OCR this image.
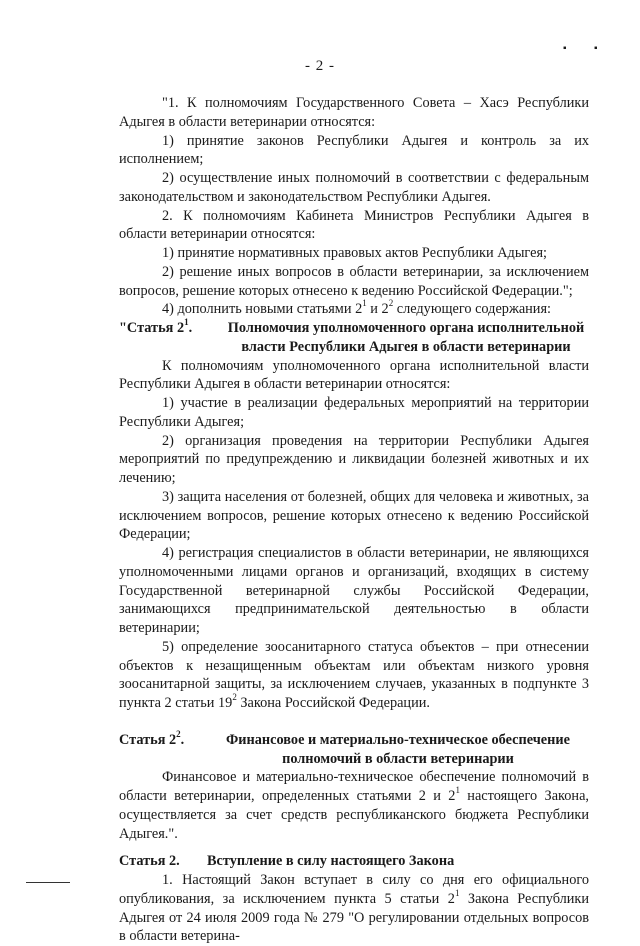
▪	▪
- 2 -

"1. К полномочиям Государственного Совета – Хасэ Республики Адыгея в области ветеринарии относятся:

1) принятие законов Республики Адыгея и контроль за их исполнением;

2) осуществление иных полномочий в соответствии с федеральным законодательством и законодательством Республики Адыгея.

2. К полномочиям Кабинета Министров Республики Адыгея в области ветеринарии относятся:

1) принятие нормативных правовых актов Республики Адыгея;

2) решение иных вопросов в области ветеринарии, за исключением вопросов, решение которых отнесено к ведению Российской Федерации.";

4) дополнить новыми статьями $2^1$ и $2^2$ следующего содержания:

"Статья $2^1$.	Полномочия уполномоченного органа исполнительной власти Республики Адыгея в области ветеринарии

К полномочиям уполномоченного органа исполнительной власти Республики Адыгея в области ветеринарии относятся:

1) участие в реализации федеральных мероприятий на территории Республики Адыгея;

2) организация проведения на территории Республики Адыгея мероприятий по предупреждению и ликвидации болезней животных и их лечению;

3) защита населения от болезней, общих для человека и животных, за исключением вопросов, решение которых отнесено к ведению Российской Федерации;

4) регистрация специалистов в области ветеринарии, не являющихся уполномоченными лицами органов и организаций, входящих в систему Государственной ветеринарной службы Российской Федерации, занимающихся предпринимательской деятельностью в области ветеринарии;

5) определение зоосанитарного статуса объектов – при отнесении объектов к незащищенным объектам или объектам низкого уровня зоосанитарной защиты, за исключением случаев, указанных в подпункте 3 пункта 2 статьи $19^2$ Закона Российской Федерации.

Статья $2^2$.	Финансовое и материально-техническое обеспечение полномочий в области ветеринарии

Финансовое и материально-техническое обеспечение полномочий в области ветеринарии, определенных статьями 2 и $2^1$ настоящего Закона, осуществляется за счет средств республиканского бюджета Республики Адыгея.".

Статья 2.	Вступление в силу настоящего Закона

1. Настоящий Закон вступает в силу со дня его официального опубликования, за исключением пункта 5 статьи $2^1$ Закона Республики Адыгея от 24 июля 2009 года № 279 "О регулировании отдельных вопросов в области ветерина-
